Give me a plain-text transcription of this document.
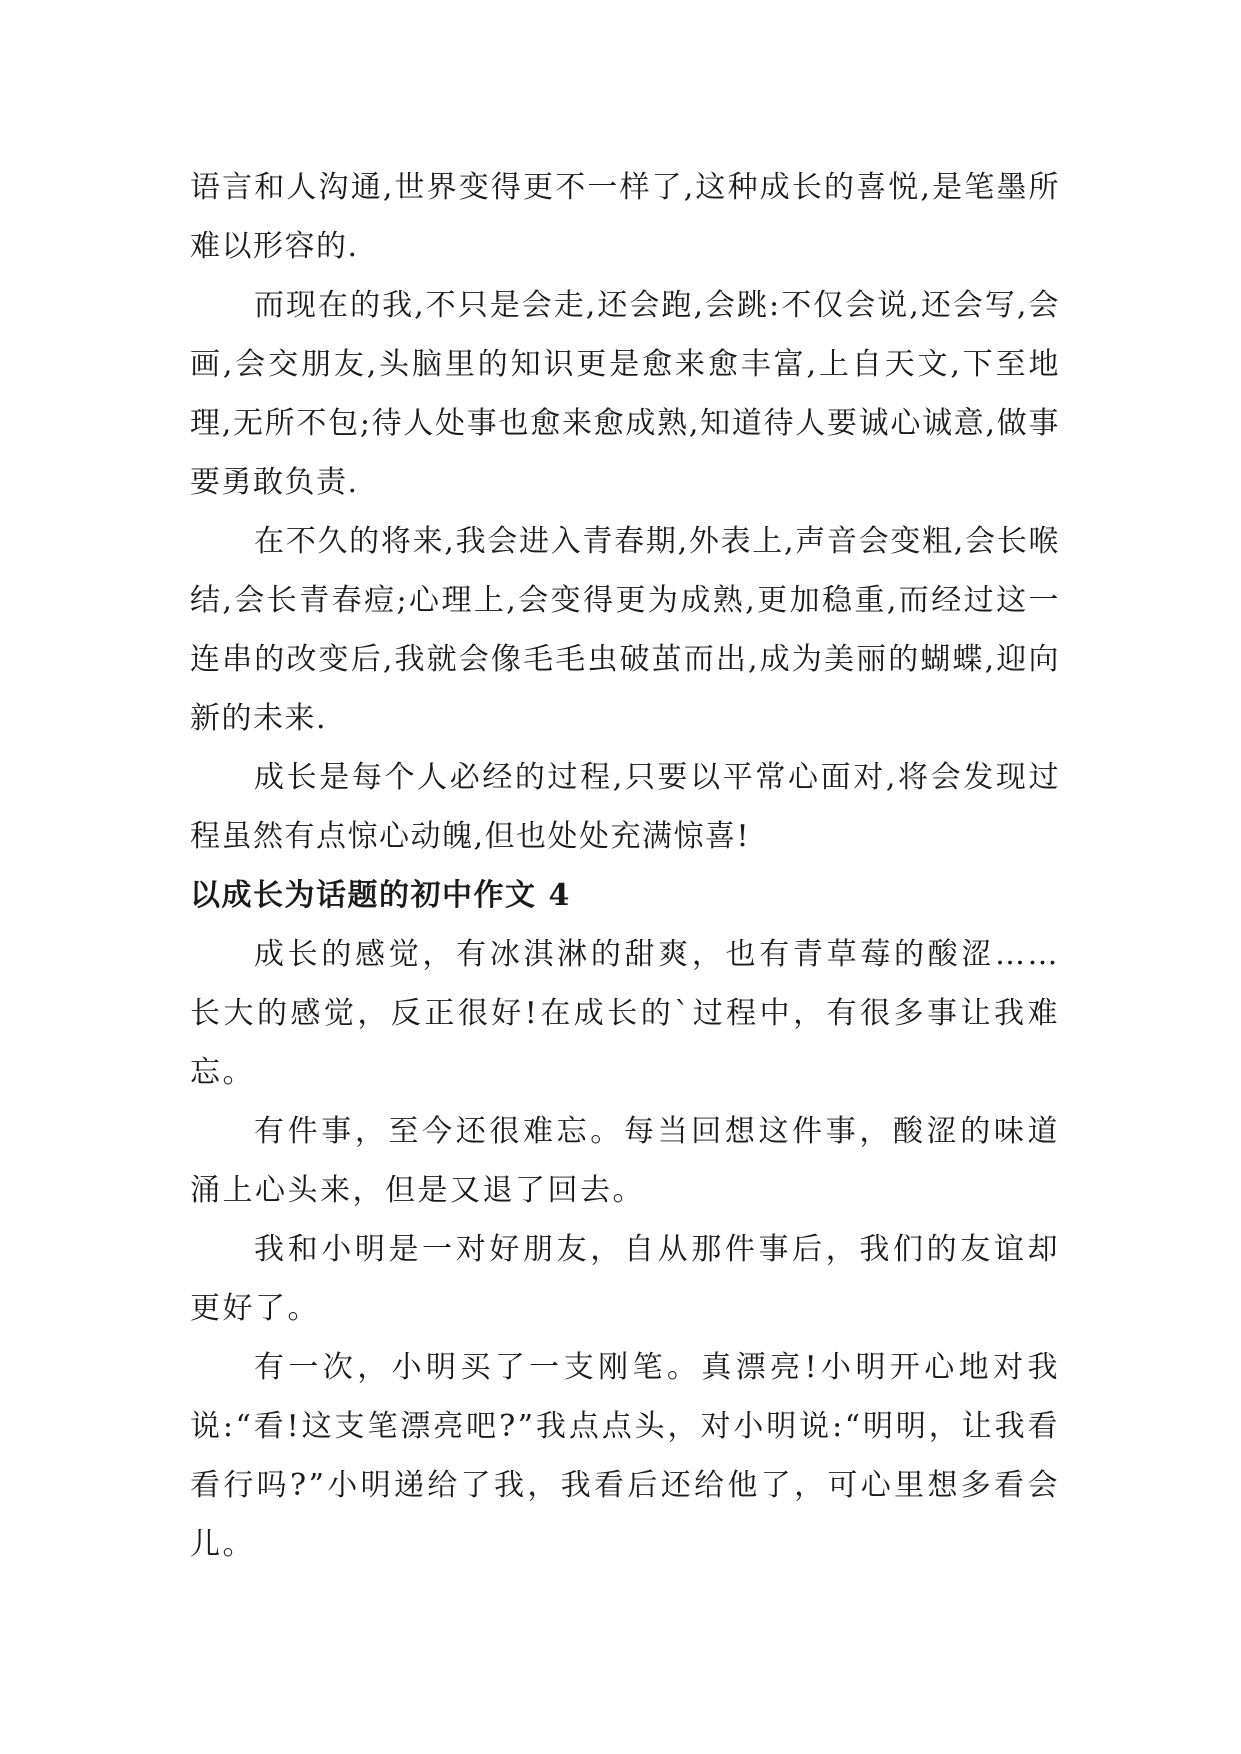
语言和人沟通,世界变得更不一样了,这种成长的喜悦,是笔墨所难以形容的.

而现在的我,不只是会走,还会跑,会跳:不仅会说,还会写,会画,会交朋友,头脑里的知识更是愈来愈丰富,上自天文,下至地理,无所不包;待人处事也愈来愈成熟,知道待人要诚心诚意,做事要勇敢负责.

在不久的将来,我会进入青春期,外表上,声音会变粗,会长喉结,会长青春痘;心理上,会变得更为成熟,更加稳重,而经过这一连串的改变后,我就会像毛毛虫破茧而出,成为美丽的蝴蝶,迎向新的未来.

成长是每个人必经的过程,只要以平常心面对,将会发现过程虽然有点惊心动魄,但也处处充满惊喜!

以成长为话题的初中作文 4

成长的感觉，有冰淇淋的甜爽，也有青草莓的酸涩……长大的感觉，反正很好!在成长的`过程中，有很多事让我难忘。

有件事，至今还很难忘。每当回想这件事，酸涩的味道涌上心头来，但是又退了回去。

我和小明是一对好朋友，自从那件事后，我们的友谊却更好了。

有一次，小明买了一支刚笔。真漂亮!小明开心地对我说:“看!这支笔漂亮吧?”我点点头，对小明说:“明明，让我看看行吗?”小明递给了我，我看后还给他了，可心里想多看会儿。
